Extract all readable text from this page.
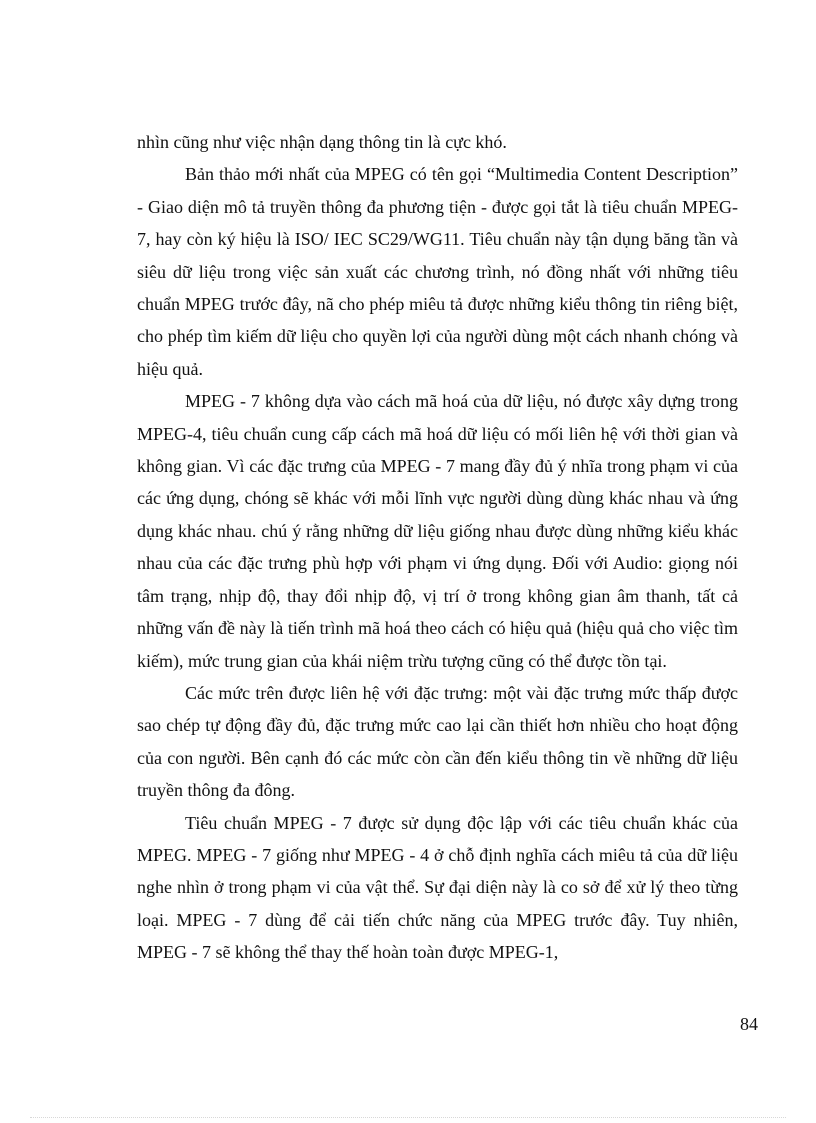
nhìn cũng như việc nhận dạng thông tin là cực khó.

Bản thảo mới nhất của MPEG có tên gọi “Multimedia Content Description” - Giao diện mô tả truyền thông đa phương tiện - được gọi tắt là tiêu chuẩn MPEG-7, hay còn ký hiệu là ISO/ IEC SC29/WG11. Tiêu chuẩn này tận dụng băng tần và siêu dữ liệu trong việc sản xuất các chương trình, nó đồng nhất với những tiêu chuẩn MPEG trước đây, nã cho phép miêu tả được những kiểu thông tin riêng biệt, cho phép tìm kiếm dữ liệu cho quyền lợi của người dùng một cách nhanh chóng và hiệu quả.

MPEG - 7 không dựa vào cách mã hoá của dữ liệu, nó được xây dựng trong MPEG-4, tiêu chuẩn cung cấp cách mã hoá dữ liệu có mối liên hệ với thời gian và không gian. Vì các đặc trưng của MPEG - 7 mang đầy đủ ý nhĩa trong phạm vi của các ứng dụng, chóng sẽ khác với mỗi lĩnh vực người dùng dùng khác nhau và ứng dụng khác nhau. chú ý rằng những dữ liệu giống nhau được dùng những kiểu khác nhau của các đặc trưng phù hợp với phạm vi ứng dụng. Đối với Audio: giọng nói tâm trạng, nhịp độ, thay đổi nhịp độ, vị trí ở trong không gian âm thanh, tất cả những vấn đề này là tiến trình mã hoá theo cách có hiệu quả (hiệu quả cho việc tìm kiếm), mức trung gian của khái niệm trừu tượng cũng có thể được tồn tại.

Các mức trên được liên hệ với đặc trưng: một vài đặc trưng mức thấp được sao chép tự động đầy đủ, đặc trưng mức cao lại cần thiết hơn nhiều cho hoạt động của con người. Bên cạnh đó các mức còn cần đến kiểu thông tin về những dữ liệu truyền thông đa đông.

Tiêu chuẩn MPEG - 7 được sử dụng độc lập với các tiêu chuẩn khác của MPEG. MPEG - 7 giống như MPEG - 4 ở chỗ định nghĩa cách miêu tả của dữ liệu nghe nhìn ở trong phạm vi của vật thể. Sự đại diện này là co sở để xử lý theo từng loại. MPEG - 7 dùng để cải tiến chức năng của MPEG trước đây. Tuy nhiên, MPEG - 7 sẽ không thể thay thế hoàn toàn được MPEG-1,

84
